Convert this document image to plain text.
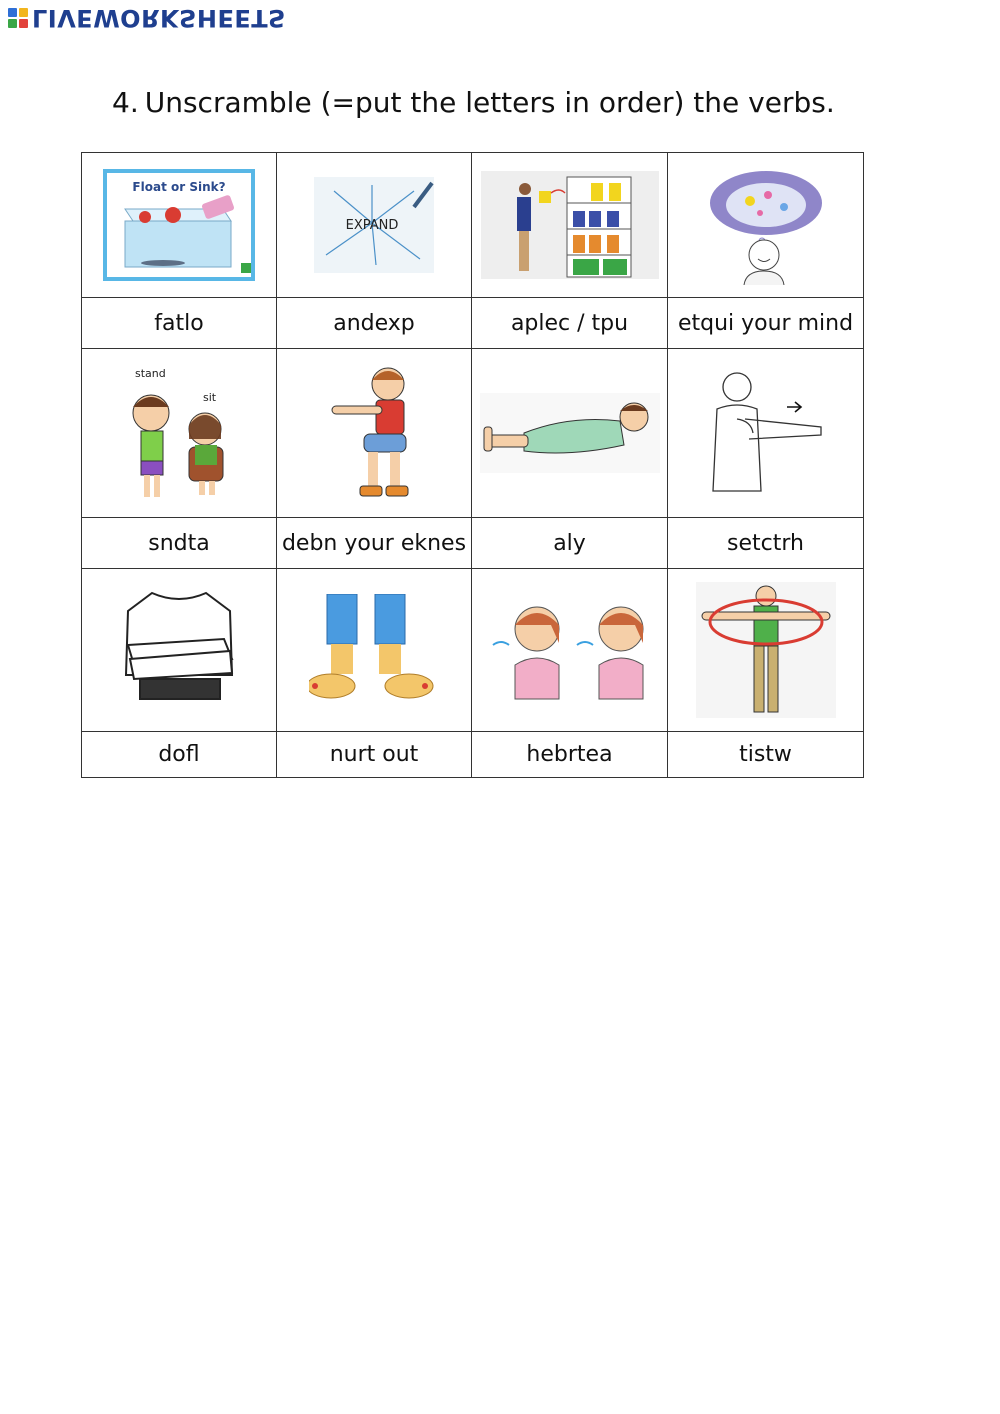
LIVEWORKSHEETS
4. Unscramble (=put the letters in order) the verbs.
Float or Sink?	EXPAND

fatlo	andexp	aplec / tpu	etqui your mind

stand
sit

sndta	debn your eknes	aly	setctrh

dofl	nurt out	hebrtea	tistw
